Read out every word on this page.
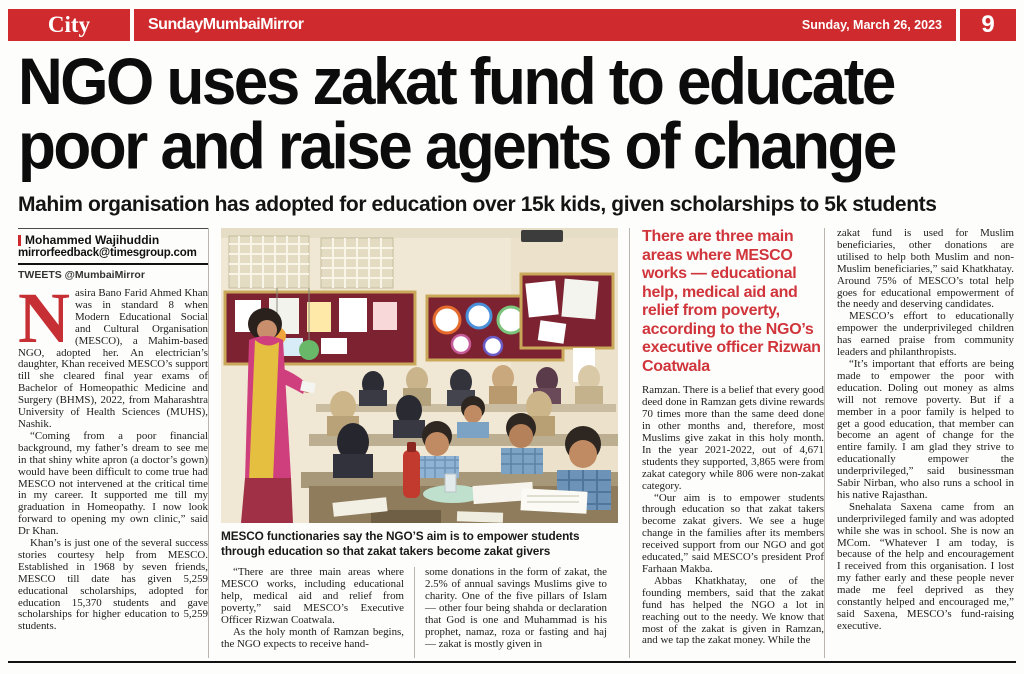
City	SundayMumbaiMirror	Sunday, March 26, 2023	9
NGO uses zakat fund to educate
poor and raise agents of change
Mahim organisation has adopted for education over 15k kids, given scholarships to 5k students
Mohammed Wajihuddin
mirrorfeedback@timesgroup.com
TWEETS @MumbaiMirror

Nasira Bano Farid Ahmed Khan was in standard 8 when Modern Educational Social and Cultural Organisation (MESCO), a Mahim-based NGO, adopted her. An electrician’s daughter, Khan received MESCO’s support till she cleared final year exams of Bachelor of Homeopathic Medicine and Surgery (BHMS), 2022, from Maharashtra University of Health Sciences (MUHS), Nashik.

“Coming from a poor financial background, my father’s dream to see me in that shiny white apron (a doctor’s gown) would have been difficult to come true had MESCO not intervened at the critical time in my career. It supported me till my graduation in Homeopathy. I now look forward to opening my own clinic,” said Dr Khan.

Khan’s is just one of the several success stories courtesy help from MESCO. Established in 1968 by seven friends, MESCO till date has given 5,259 educational scholarships, adopted for education 15,370 students and gave scholarships for higher education to 5,259 students.

MESCO functionaries say the NGO’S aim is to empower students through education so that zakat takers become zakat givers

“There are three main areas where MESCO works, including educational help, medical aid and relief from poverty,” said MESCO’s Executive Officer Rizwan Coatwala.

As the holy month of Ramzan begins, the NGO expects to receive hand-

some donations in the form of zakat, the 2.5% of annual savings Muslims give to charity. One of the five pillars of Islam — other four being shahda or declaration that God is one and Muhammad is his prophet, namaz, roza or fasting and haj — zakat is mostly given in

There are three main areas where MESCO works — educational help, medical aid and relief from poverty, according to the NGO’s executive officer Rizwan Coatwala

Ramzan. There is a belief that every good deed done in Ramzan gets divine rewards 70 times more than the same deed done in other months and, therefore, most Muslims give zakat in this holy month. In the year 2021-2022, out of 4,671 students they supported, 3,865 were from zakat category while 806 were non-zakat category.

“Our aim is to empower students through education so that zakat takers become zakat givers. We see a huge change in the families after its members received support from our NGO and got educated,” said MESCO’s president Prof Farhaan Makba.

Abbas Khatkhatay, one of the founding members, said that the zakat fund has helped the NGO a lot in reaching out to the needy. We know that most of the zakat is given in Ramzan, and we tap the zakat money. While the

zakat fund is used for Muslim beneficiaries, other donations are utilised to help both Muslim and non-Muslim beneficiaries,” said Khatkhatay. Around 75% of MESCO’s total help goes for educational empowerment of the needy and deserving candidates.

MESCO’s effort to educationally empower the underprivileged children has earned praise from community leaders and philanthropists.

“It’s important that efforts are being made to empower the poor with education. Doling out money as alms will not remove poverty. But if a member in a poor family is helped to get a good education, that member can become an agent of change for the entire family. I am glad they strive to educationally empower the underprivileged,” said businessman Sabir Nirban, who also runs a school in his native Rajasthan.

Snehalata Saxena came from an underprivileged family and was adopted while she was in school. She is now an MCom. “Whatever I am today, is because of the help and encouragement I received from this organisation. I lost my father early and these people never made me feel deprived as they constantly helped and encouraged me,” said Saxena, MESCO’s fund-raising executive.
